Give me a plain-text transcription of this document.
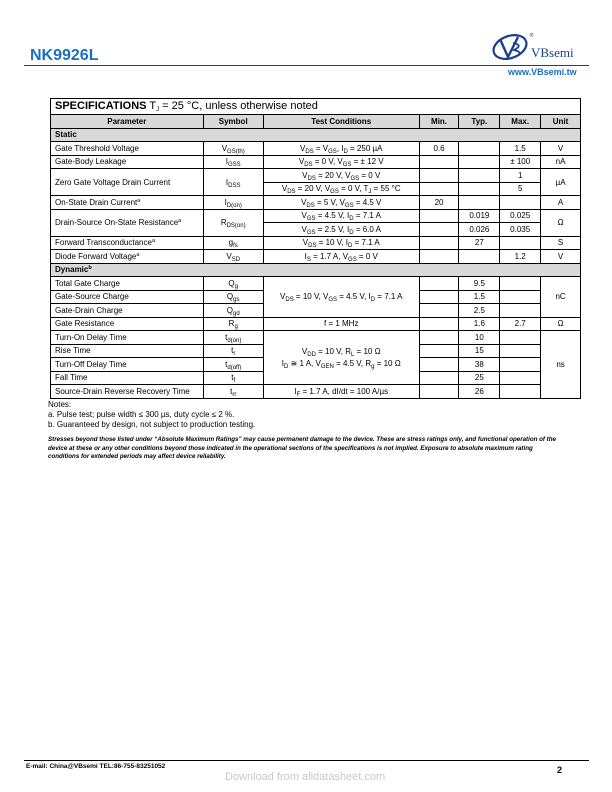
NK9926L
®
VBsemi
www.VBsemi.tw
SPECIFICATIONS $T_J = 25$ °C, unless otherwise noted						
Parameter	Symbol	Test Conditions	Min.	Typ.	Max.	Unit
Static						
Gate Threshold Voltage	$V_{GS(th)}$	$V_{DS} = V_{GS}$, $I_D = 250$ µA	0.6		1.5	V
Gate-Body Leakage	$I_{GSS}$	$V_{DS} = 0$ V, $V_{GS}$ = ± 12 V			± 100	nA
Zero Gate Voltage Drain Current	$I_{DSS}$	$V_{DS} = 20$ V, $V_{GS} = 0$ V			1	µA
		$V_{DS} = 20$ V, $V_{GS} = 0$ V, $T_J = 55$ °C			5	
On-State Drain Current$^a$	$I_{D(on)}$	$V_{DS} = 5$ V, $V_{GS} = 4.5$ V	20			A
Drain-Source On-State Resistance$^a$	$R_{DS(on)}$	$V_{GS} = 4.5$ V, $I_D = 7.1$ A		0.019	0.025	Ω
		$V_{GS} = 2.5$ V, $I_D = 6.0$ A		0.026	0.035	
Forward Transconductance$^a$	$g_{fs}$	$V_{DS} = 10$ V, $I_D = 7.1$ A		27		S
Diode Forward Voltage$^a$	$V_{SD}$	$I_S = 1.7$ A, $V_{GS} = 0$ V			1.2	V
Dynamic$^b$
Total Gate Charge	$Q_g$	$V_{DS} = 10$ V, $V_{GS} = 4.5$ V, $I_D = 7.1$ A		9.5		nC
Gate-Source Charge	$Q_{gs}$			1.5		
Gate-Drain Charge	$Q_{gd}$			2.5		
Gate Resistance	$R_g$	f = 1 MHz		1.6	2.7	Ω
Turn-On Delay Time	$t_{d(on)}$	$V_{DD} = 10$ V, $R_L = 10$ Ω
$I_D$ ≅ 1 A, $V_{GEN} = 4.5$ V, $R_g = 10$ Ω		10		ns
Rise Time	$t_r$			15		
Turn-Off Delay Time	$t_{d(off)}$			38		
Fall Time	$t_f$			25		
Source-Drain Reverse Recovery Time	$t_{rr}$	$I_F = 1.7$ A, dI/dt = 100 A/µs		26		
Notes:
a. Pulse test; pulse width ≤ 300 µs, duty cycle ≤ 2 %.
b. Guaranteed by design, not subject to production testing.
Stresses beyond those listed under “Absolute Maximum Ratings” may cause permanent damage to the device. These are stress ratings only, and functional operation of the device at these or any other conditions beyond those indicated in the operational sections of the specifications is not implied. Exposure to absolute maximum rating conditions for extended periods may affect device reliability.
E-mail: China@VBsemi TEL:86-755-83251052	2
Download from alldatasheet.com
